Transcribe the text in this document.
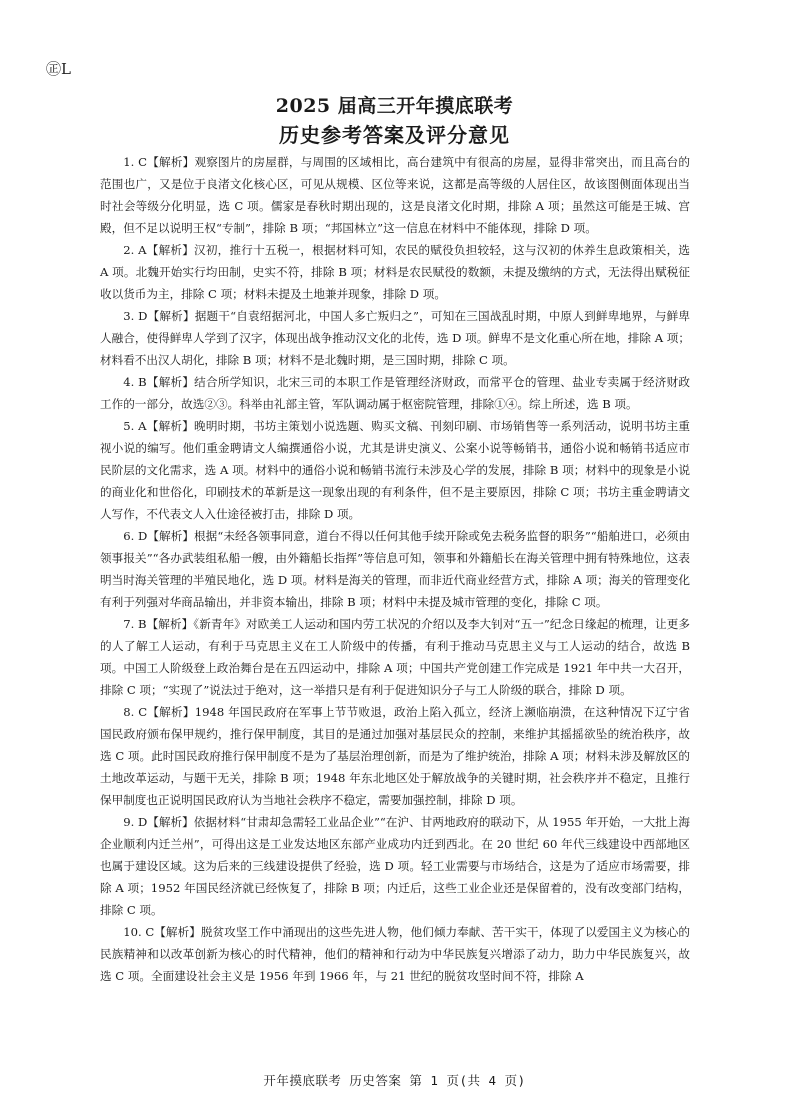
㊣L
2025 届高三开年摸底联考
历史参考答案及评分意见

1. C【解析】观察图片的房屋群，与周围的区域相比，高台建筑中有很高的房屋，显得非常突出，而且高台的范围也广，又是位于良渚文化核心区，可见从规模、区位等来说，这都是高等级的人居住区，故该图侧面体现出当时社会等级分化明显，选 C 项。儒家是春秋时期出现的，这是良渚文化时期，排除 A 项；虽然这可能是王城、宫殿，但不足以说明王权“专制”，排除 B 项；“邦国林立”这一信息在材料中不能体现，排除 D 项。

2. A【解析】汉初，推行十五税一，根据材料可知，农民的赋役负担较轻，这与汉初的休养生息政策相关，选 A 项。北魏开始实行均田制，史实不符，排除 B 项；材料是农民赋役的数额，未提及缴纳的方式，无法得出赋税征收以货币为主，排除 C 项；材料未提及土地兼并现象，排除 D 项。

3. D【解析】据题干“自袁绍据河北，中国人多亡叛归之”，可知在三国战乱时期，中原人到鲜卑地界，与鲜卑人融合，使得鲜卑人学到了汉字，体现出战争推动汉文化的北传，选 D 项。鲜卑不是文化重心所在地，排除 A 项；材料看不出汉人胡化，排除 B 项；材料不是北魏时期，是三国时期，排除 C 项。

4. B【解析】结合所学知识，北宋三司的本职工作是管理经济财政，而常平仓的管理、盐业专卖属于经济财政工作的一部分，故选②③。科举由礼部主管，军队调动属于枢密院管理，排除①④。综上所述，选 B 项。

5. A【解析】晚明时期，书坊主策划小说选题、购买文稿、刊刻印刷、市场销售等一系列活动，说明书坊主重视小说的编写。他们重金聘请文人编撰通俗小说，尤其是讲史演义、公案小说等畅销书，通俗小说和畅销书适应市民阶层的文化需求，选 A 项。材料中的通俗小说和畅销书流行未涉及心学的发展，排除 B 项；材料中的现象是小说的商业化和世俗化，印刷技术的革新是这一现象出现的有利条件，但不是主要原因，排除 C 项；书坊主重金聘请文人写作，不代表文人入仕途径被打击，排除 D 项。

6. D【解析】根据“未经各领事同意，道台不得以任何其他手续开除或免去税务监督的职务”“船舶进口，必须由领事报关”“各办武装组私船一艘，由外籍船长指挥”等信息可知，领事和外籍船长在海关管理中拥有特殊地位，这表明当时海关管理的半殖民地化，选 D 项。材料是海关的管理，而非近代商业经营方式，排除 A 项；海关的管理变化有利于列强对华商品输出，并非资本输出，排除 B 项；材料中未提及城市管理的变化，排除 C 项。

7. B【解析】《新青年》对欧美工人运动和国内劳工状况的介绍以及李大钊对“五一”纪念日缘起的梳理，让更多的人了解工人运动，有利于马克思主义在工人阶级中的传播，有利于推动马克思主义与工人运动的结合，故选 B 项。中国工人阶级登上政治舞台是在五四运动中，排除 A 项；中国共产党创建工作完成是 1921 年中共一大召开，排除 C 项；“实现了”说法过于绝对，这一举措只是有利于促进知识分子与工人阶级的联合，排除 D 项。

8. C【解析】1948 年国民政府在军事上节节败退，政治上陷入孤立，经济上濒临崩溃，在这种情况下辽宁省国民政府颁布保甲规约，推行保甲制度，其目的是通过加强对基层民众的控制，来维护其摇摇欲坠的统治秩序，故选 C 项。此时国民政府推行保甲制度不是为了基层治理创新，而是为了维护统治，排除 A 项；材料未涉及解放区的土地改革运动，与题干无关，排除 B 项；1948 年东北地区处于解放战争的关键时期，社会秩序并不稳定，且推行保甲制度也正说明国民政府认为当地社会秩序不稳定，需要加强控制，排除 D 项。

9. D【解析】依据材料“甘肃却急需轻工业品企业”“在沪、甘两地政府的联动下，从 1955 年开始，一大批上海企业顺利内迁兰州”，可得出这是工业发达地区东部产业成功内迁到西北。在 20 世纪 60 年代三线建设中西部地区也属于建设区域。这为后来的三线建设提供了经验，选 D 项。轻工业需要与市场结合，这是为了适应市场需要，排除 A 项；1952 年国民经济就已经恢复了，排除 B 项；内迁后，这些工业企业还是保留着的，没有改变部门结构，排除 C 项。

10. C【解析】脱贫攻坚工作中涌现出的这些先进人物，他们倾力奉献、苦干实干，体现了以爱国主义为核心的民族精神和以改革创新为核心的时代精神，他们的精神和行动为中华民族复兴增添了动力，助力中华民族复兴，故选 C 项。全面建设社会主义是 1956 年到 1966 年，与 21 世纪的脱贫攻坚时间不符，排除 A

开年摸底联考 历史答案 第 1 页(共 4 页)
